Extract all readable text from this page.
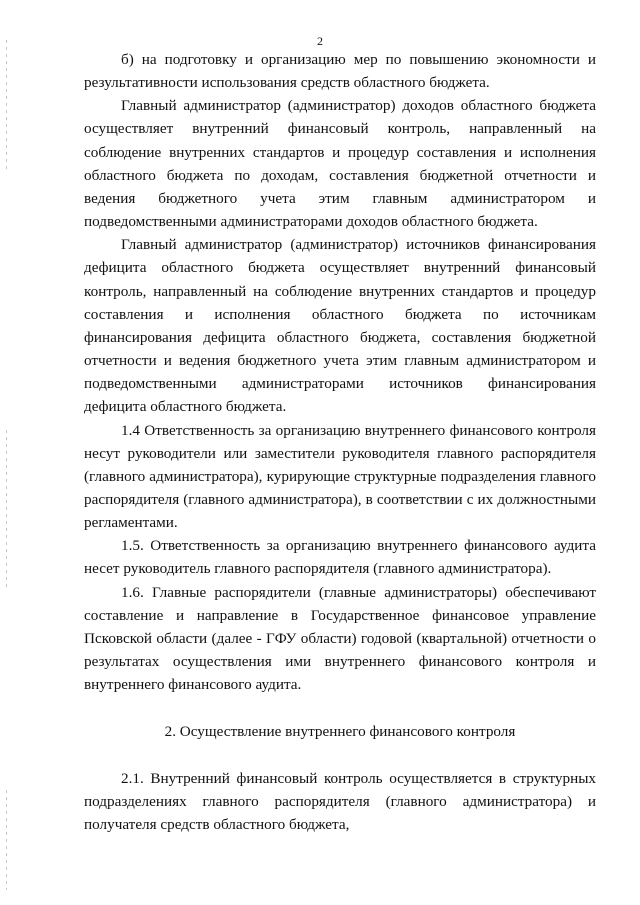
2

б) на подготовку и организацию мер по повышению экономности и результативности использования средств областного бюджета.

Главный администратор (администратор) доходов областного бюджета осуществляет внутренний финансовый контроль, направленный на соблюдение внутренних стандартов и процедур составления и исполнения областного бюджета по доходам, составления бюджетной отчетности и ведения бюджетного учета этим главным администратором и подведомственными администраторами доходов областного бюджета.

Главный администратор (администратор) источников финансирования дефицита областного бюджета осуществляет внутренний финансовый контроль, направленный на соблюдение внутренних стандартов и процедур составления и исполнения областного бюджета по источникам финансирования дефицита областного бюджета, составления бюджетной отчетности и ведения бюджетного учета этим главным администратором и подведомственными администраторами источников финансирования дефицита областного бюджета.

1.4 Ответственность за организацию внутреннего финансового контроля несут руководители или заместители руководителя главного распорядителя (главного администратора), курирующие структурные подразделения главного распорядителя (главного администратора), в соответствии с их должностными регламентами.

1.5. Ответственность за организацию внутреннего финансового аудита несет руководитель главного распорядителя (главного администратора).

1.6. Главные распорядители (главные администраторы) обеспечивают составление и направление в Государственное финансовое управление Псковской области (далее - ГФУ области) годовой (квартальной) отчетности о результатах осуществления ими внутреннего финансового контроля и внутреннего финансового аудита.

2. Осуществление внутреннего финансового контроля

2.1. Внутренний финансовый контроль осуществляется в структурных подразделениях главного распорядителя (главного администратора) и получателя средств областного бюджета,
